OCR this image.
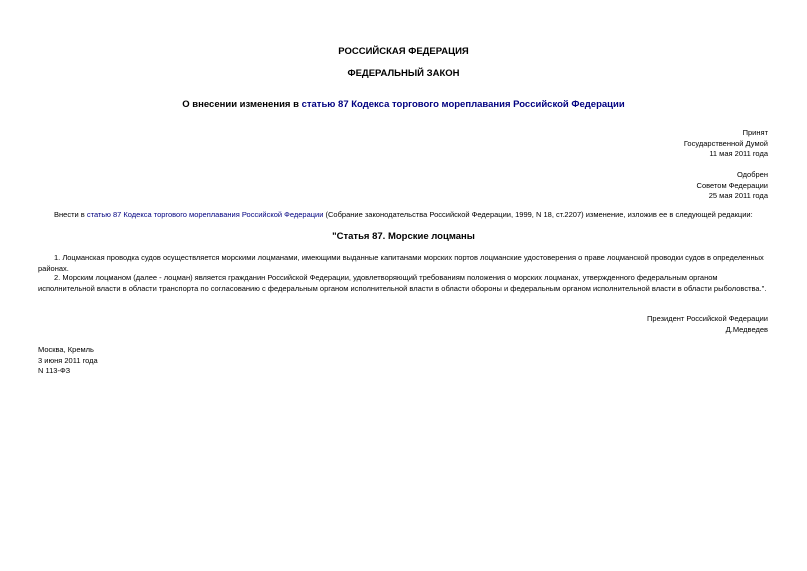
РОССИЙСКАЯ ФЕДЕРАЦИЯ
ФЕДЕРАЛЬНЫЙ ЗАКОН
О внесении изменения в статью 87 Кодекса торгового мореплавания Российской Федерации
Принят
Государственной Думой
11 мая 2011 года
Одобрен
Советом Федерации
25 мая 2011 года
Внести в статью 87 Кодекса торгового мореплавания Российской Федерации (Собрание законодательства Российской Федерации, 1999, N 18, ст.2207) изменение, изложив ее в следующей редакции:
"Статья 87. Морские лоцманы
1. Лоцманская проводка судов осуществляется морскими лоцманами, имеющими выданные капитанами морских портов лоцманские удостоверения о праве лоцманской проводки судов в определенных районах.
2. Морским лоцманом (далее - лоцман) является гражданин Российской Федерации, удовлетворяющий требованиям положения о морских лоцманах, утвержденного федеральным органом исполнительной власти в области транспорта по согласованию с федеральным органом исполнительной власти в области обороны и федеральным органом исполнительной власти в области рыболовства.".
Президент Российской Федерации
Д.Медведев
Москва, Кремль
3 июня 2011 года
N 113-ФЗ
